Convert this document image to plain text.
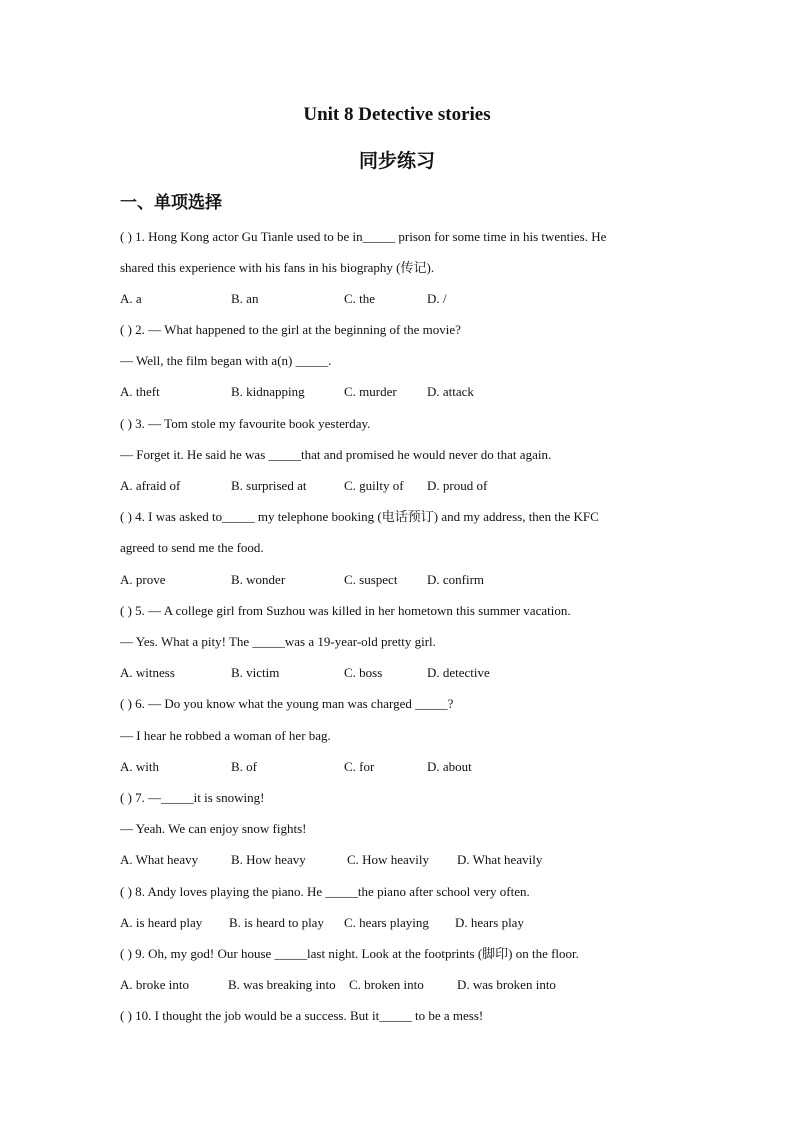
Unit 8 Detective stories
同步练习
一、单项选择
( ) 1. Hong Kong actor Gu Tianle used to be in_____ prison for some time in his twenties. He
shared this experience with his fans in his biography (传记).
A. a	B. an	C. the	D. /
( ) 2. — What happened to the girl at the beginning of the movie?
— Well, the film began with a(n) _____.
A. theft	B. kidnapping	C. murder D. attack
( ) 3. — Tom stole my favourite book yesterday.
— Forget it. He said he was _____that and promised he would never do that again.
A. afraid of	B. surprised at	C. guilty of D. proud of
( ) 4. I was asked to_____ my telephone booking (电话预订) and my address, then the KFC
agreed to send me the food.
A. prove	B. wonder	C. suspect D. confirm
( ) 5. — A college girl from Suzhou was killed in her hometown this summer vacation.
— Yes. What a pity! The _____was a 19-year-old pretty girl.
A. witness	B. victim	C. boss	D. detective
( ) 6. — Do you know what the young man was charged _____?
— I hear he robbed a woman of her bag.
A. with	B. of	C. for	D. about
( ) 7. —_____it is snowing!
— Yeah. We can enjoy snow fights!
A. What heavy	B. How heavy	C. How heavily D. What heavily
( ) 8. Andy loves playing the piano. He _____the piano after school very often.
A. is heard play B. is heard to play C. hears playing D. hears play
( ) 9. Oh, my god! Our house _____last night. Look at the footprints (脚印) on the floor.
A. broke into	B. was breaking into C. broken into	D. was broken into
( ) 10. I thought the job would be a success. But it_____ to be a mess!
